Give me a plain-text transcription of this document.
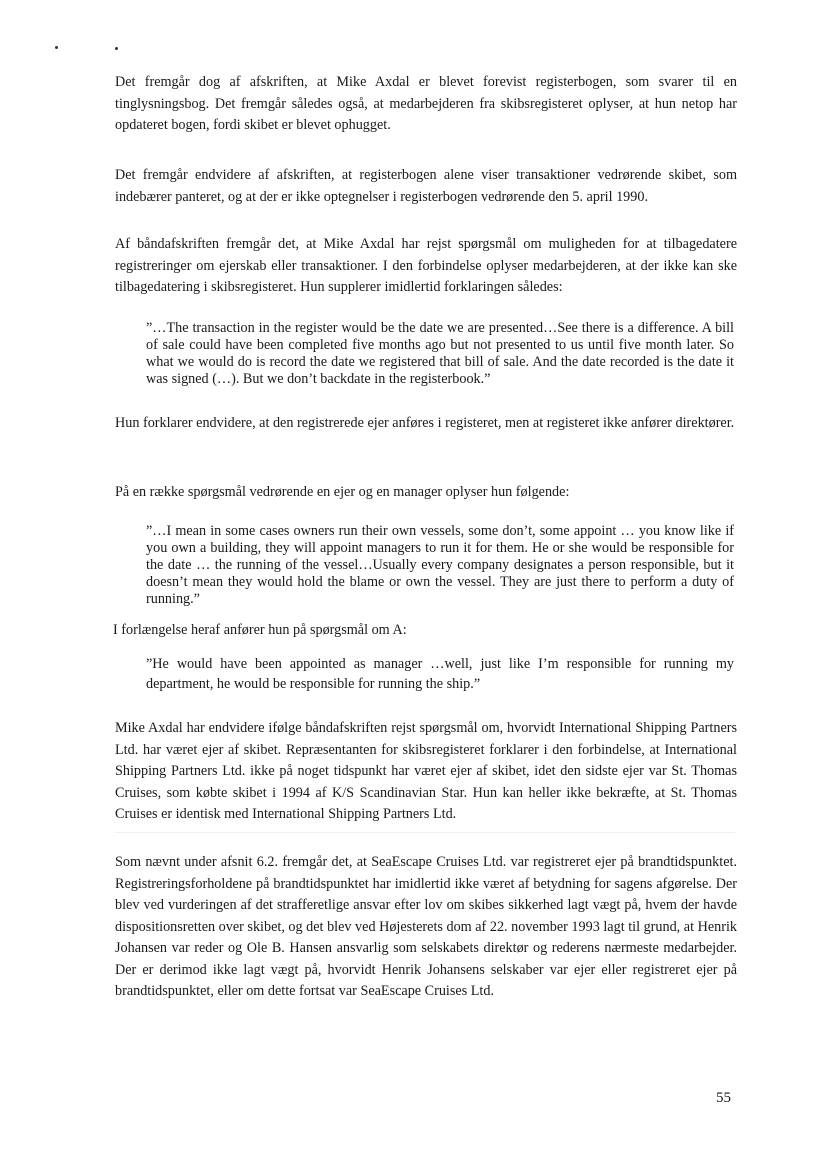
Det fremgår dog af afskriften, at Mike Axdal er blevet forevist registerbogen, som svarer til en tinglysningsbog. Det fremgår således også, at medarbejderen fra skibsregisteret oplyser, at hun netop har opdateret bogen, fordi skibet er blevet ophugget.

Det fremgår endvidere af afskriften, at registerbogen alene viser transaktioner vedrørende skibet, som indebærer panteret, og at der er ikke optegnelser i registerbogen vedrørende den 5. april 1990.

Af båndafskriften fremgår det, at Mike Axdal har rejst spørgsmål om muligheden for at tilbagedatere registreringer om ejerskab eller transaktioner. I den forbindelse oplyser medarbejderen, at der ikke kan ske tilbagedatering i skibsregisteret. Hun supplerer imidlertid forklaringen således:

”…The transaction in the register would be the date we are presented…See there is a difference. A bill of sale could have been completed five months ago but not presented to us until five month later. So what we would do is record the date we registered that bill of sale. And the date recorded is the date it was signed (…). But we don’t backdate in the registerbook.”

Hun forklarer endvidere, at den registrerede ejer anføres i registeret, men at registeret ikke anfører direktører.

På en række spørgsmål vedrørende en ejer og en manager oplyser hun følgende:

”…I mean in some cases owners run their own vessels, some don’t, some appoint … you know like if you own a building, they will appoint managers to run it for them. He or she would be responsible for the date … the running of the vessel…Usually every company designates a person responsible, but it doesn’t mean they would hold the blame or own the vessel. They are just there to perform a duty of running.”

I forlængelse heraf anfører hun på spørgsmål om A:

”He would have been appointed as manager …well, just like I’m responsible for running my department, he would be responsible for running the ship.”

Mike Axdal har endvidere ifølge båndafskriften rejst spørgsmål om, hvorvidt International Shipping Partners Ltd. har været ejer af skibet. Repræsentanten for skibsregisteret forklarer i den forbindelse, at International Shipping Partners Ltd. ikke på noget tidspunkt har været ejer af skibet, idet den sidste ejer var St. Thomas Cruises, som købte skibet i 1994 af K/S Scandinavian Star. Hun kan heller ikke bekræfte, at St. Thomas Cruises er identisk med International Shipping Partners Ltd.

Som nævnt under afsnit 6.2. fremgår det, at SeaEscape Cruises Ltd. var registreret ejer på brandtidspunktet. Registreringsforholdene på brandtidspunktet har imidlertid ikke været af betydning for sagens afgørelse. Der blev ved vurderingen af det strafferetlige ansvar efter lov om skibes sikkerhed lagt vægt på, hvem der havde dispositionsretten over skibet, og det blev ved Højesterets dom af 22. november 1993 lagt til grund, at Henrik Johansen var reder og Ole B. Hansen ansvarlig som selskabets direktør og rederens nærmeste medarbejder. Der er derimod ikke lagt vægt på, hvorvidt Henrik Johansens selskaber var ejer eller registreret ejer på brandtidspunktet, eller om dette fortsat var SeaEscape Cruises Ltd.

55
